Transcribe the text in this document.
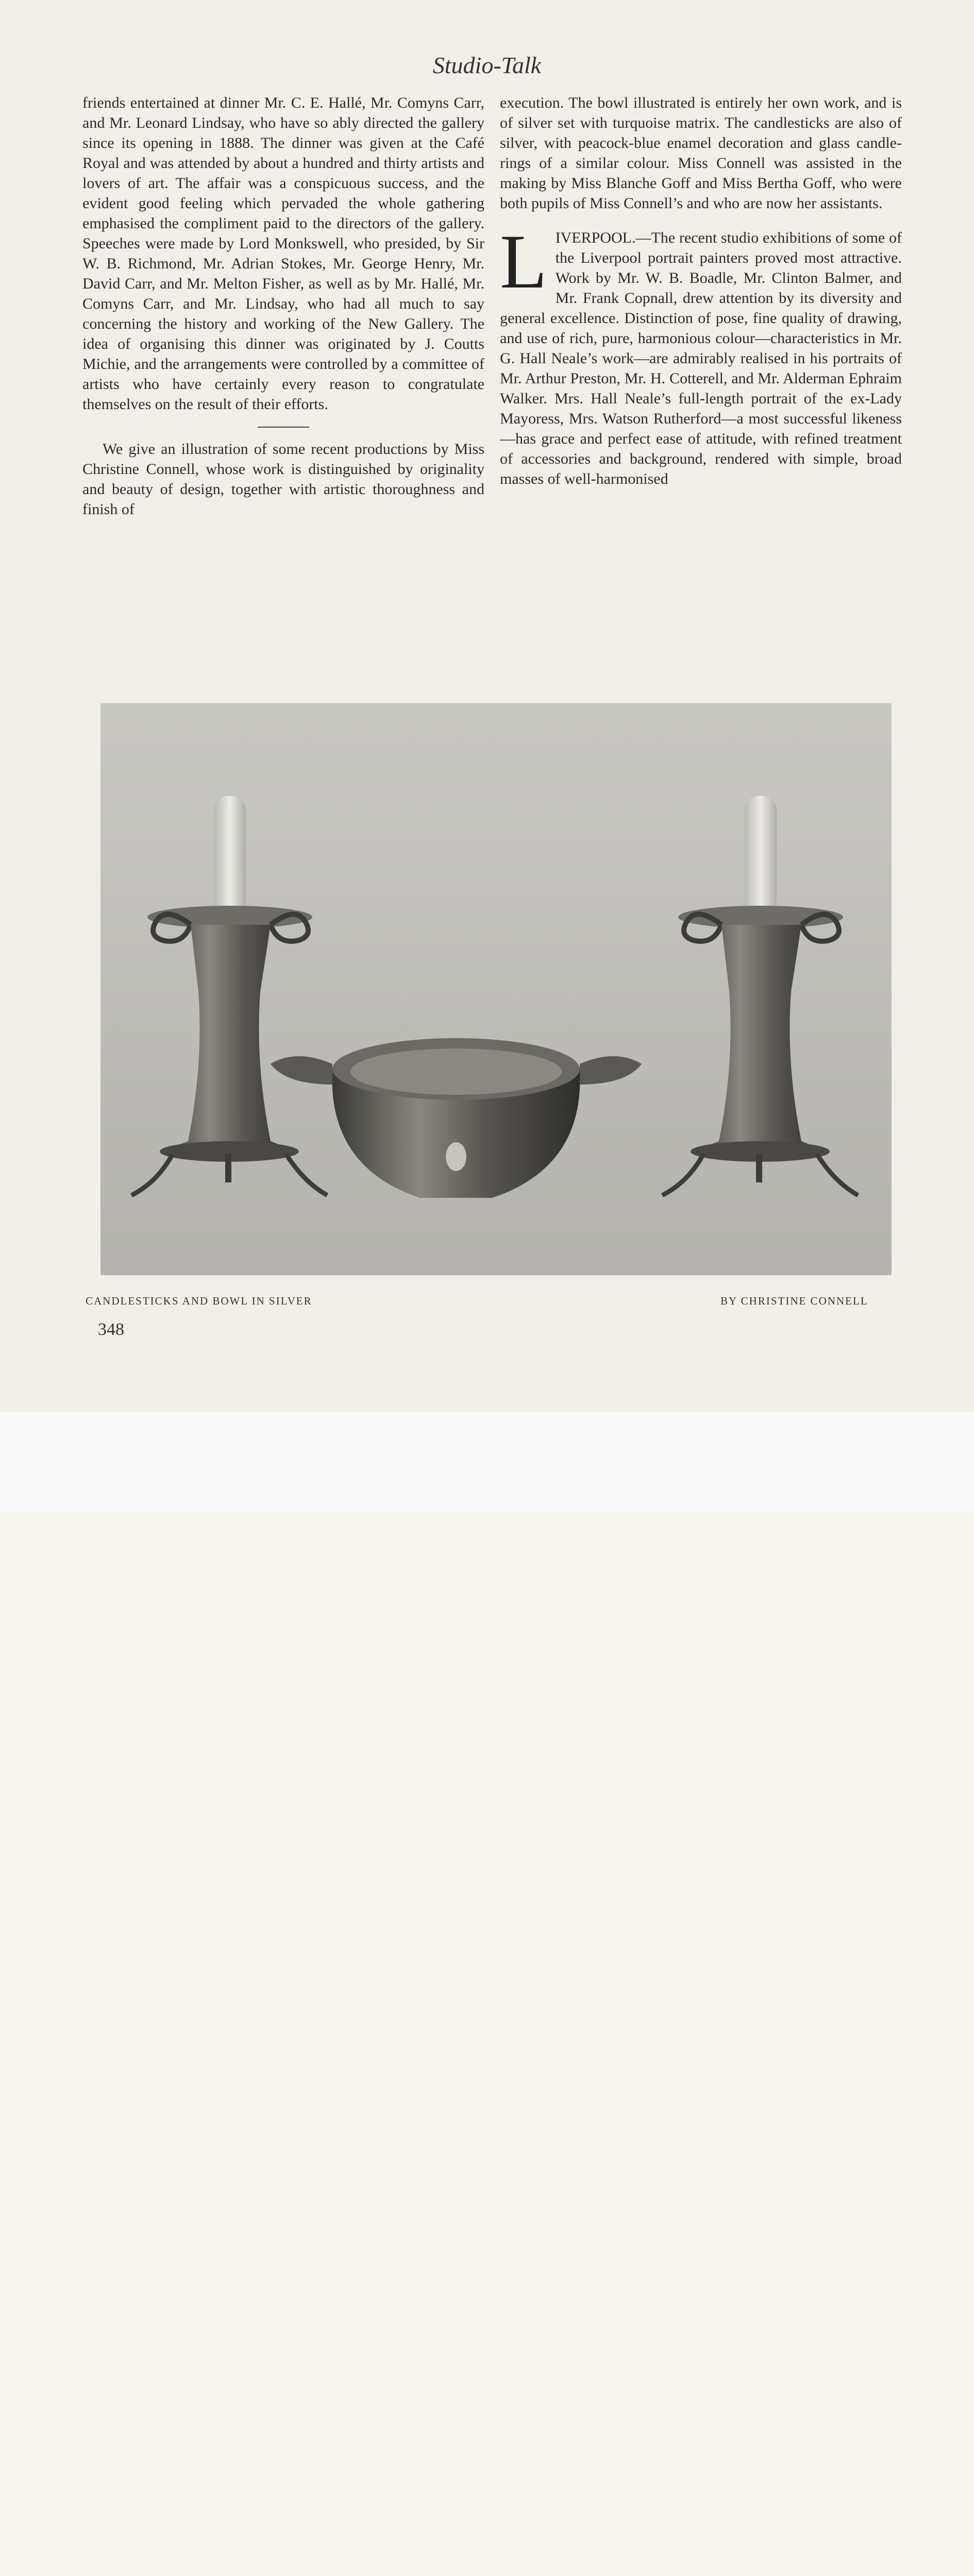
Studio-Talk

friends entertained at dinner Mr. C. E. Hallé, Mr. Comyns Carr, and Mr. Leonard Lindsay, who have so ably directed the gallery since its opening in 1888. The dinner was given at the Café Royal and was attended by about a hundred and thirty artists and lovers of art. The affair was a conspicuous success, and the evident good feeling which pervaded the whole gathering emphasised the compliment paid to the directors of the gallery. Speeches were made by Lord Monkswell, who presided, by Sir W. B. Richmond, Mr. Adrian Stokes, Mr. George Henry, Mr. David Carr, and Mr. Melton Fisher, as well as by Mr. Hallé, Mr. Comyns Carr, and Mr. Lindsay, who had all much to say concerning the history and working of the New Gallery. The idea of organising this dinner was originated by J. Coutts Michie, and the arrangements were controlled by a committee of artists who have certainly every reason to congratulate themselves on the result of their efforts.

We give an illustration of some recent productions by Miss Christine Connell, whose work is distinguished by originality and beauty of design, together with artistic thoroughness and finish of

execution. The bowl illustrated is entirely her own work, and is of silver set with turquoise matrix. The candlesticks are also of silver, with peacock-blue enamel decoration and glass candlerings of a similar colour. Miss Connell was assisted in the making by Miss Blanche Goff and Miss Bertha Goff, who were both pupils of Miss Connell’s and who are now her assistants.

LIVERPOOL.—The recent studio exhibitions of some of the Liverpool portrait painters proved most attractive. Work by Mr. W. B. Boadle, Mr. Clinton Balmer, and Mr. Frank Copnall, drew attention by its diversity and general excellence. Distinction of pose, fine quality of drawing, and use of rich, pure, harmonious colour—characteristics in Mr. G. Hall Neale’s work—are admirably realised in his portraits of Mr. Arthur Preston, Mr. H. Cotterell, and Mr. Alderman Ephraim Walker. Mrs. Hall Neale’s full-length portrait of the ex-Lady Mayoress, Mrs. Watson Rutherford—a most successful likeness—has grace and perfect ease of attitude, with refined treatment of accessories and background, rendered with simple, broad masses of well-harmonised

CANDLESTICKS AND BOWL IN SILVER	BY CHRISTINE CONNELL
348
